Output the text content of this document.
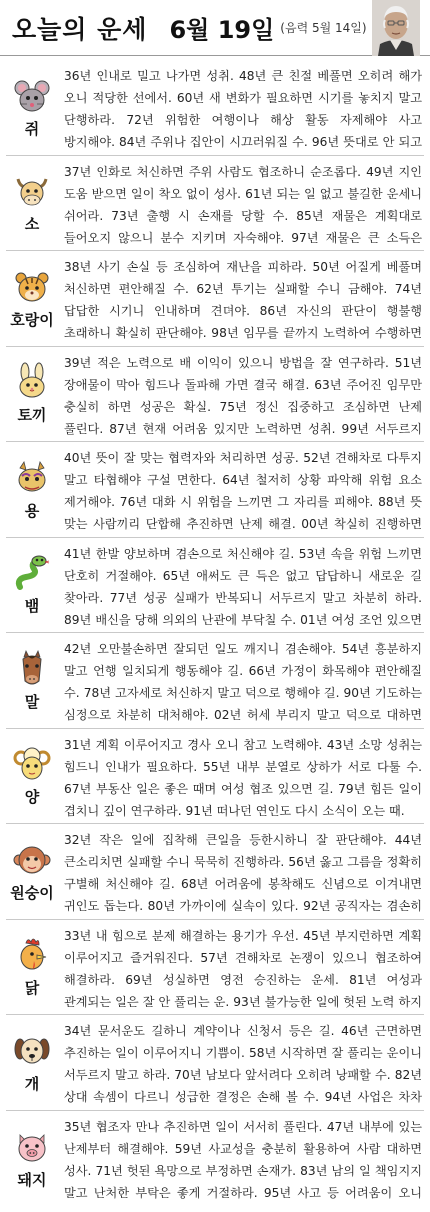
오늘의 운세 6월 19일 (음력 5월 14일)
쥐
36년 인내로 밀고 나가면 성취. 48년 큰 친절 베풀면 오히려 해가 오니 적당한 선에서. 60년 새 변화가 필요하면 시기를 놓치지 말고 단행하라. 72년 위험한 여행이나 해상 활동 자제해야 사고 방지해야. 84년 주위나 집안이 시끄러워질 수. 96년 뜻대로 안 되고
소
37년 인화로 처신하면 주위 사람도 협조하니 순조롭다. 49년 지인 도움 받으면 일이 착오 없이 성사. 61년 되는 일 없고 불길한 운세니 쉬어라. 73년 출행 시 손재를 당할 수. 85년 재물은 계획대로 들어오지 않으니 분수 지키며 자숙해야. 97년 재물은 큰 소득은
호랑이
38년 사기 손실 등 조심하여 재난을 피하라. 50년 어질게 베풀며 처신하면 편안해질 수. 62년 투기는 실패할 수니 금해야. 74년 답답한 시기니 인내하며 견뎌야. 86년 자신의 판단이 행불행 초래하니 확실히 판단해야. 98년 임무를 끝까지 노력하여 수행하면
토끼
39년 적은 노력으로 배 이익이 있으니 방법을 잘 연구하라. 51년 장애물이 막아 힘드나 돌파해 가면 결국 해결. 63년 주어진 임무만 충실히 하면 성공은 확실. 75년 정신 집중하고 조심하면 난제 풀린다. 87년 현재 어려움 있지만 노력하면 성취. 99년 서두르지
용
40년 뜻이 잘 맞는 협력자와 처리하면 성공. 52년 견해차로 다투지 말고 타협해야 구설 면한다. 64년 철저히 상황 파악해 위험 요소 제거해야. 76년 대화 시 위험을 느끼면 그 자리를 피해야. 88년 뜻 맞는 사람끼리 단합해 추진하면 난제 해결. 00년 착실히 진행하면
뱀
41년 한발 양보하며 겸손으로 처신해야 길. 53년 속을 위험 느끼면 단호히 거절해야. 65년 애써도 큰 득은 없고 답답하니 새로운 길 찾아라. 77년 성공 실패가 반복되니 서두르지 말고 차분히 하라. 89년 배신을 당해 의외의 난관에 부닥칠 수. 01년 여성 조언 있으면
말
42년 오만불손하면 잘되던 일도 깨지니 겸손해야. 54년 흥분하지 말고 언행 일치되게 행동해야 길. 66년 가정이 화목해야 편안해질 수. 78년 고자세로 처신하지 말고 덕으로 행해야 길. 90년 기도하는 심정으로 차분히 대처해야. 02년 허세 부리지 말고 덕으로 대하면
양
31년 계획 이루어지고 경사 오니 참고 노력해야. 43년 소망 성취는 힘드니 인내가 필요하다. 55년 내부 분열로 상하가 서로 다툴 수. 67년 부동산 일은 좋은 때며 여성 협조 있으면 길. 79년 힘든 일이 겹치니 깊이 연구하라. 91년 떠나던 연인도 다시 소식이 오는 때.
원숭이
32년 작은 일에 집착해 큰일을 등한시하니 잘 판단해야. 44년 큰소리치면 실패할 수니 묵묵히 진행하라. 56년 옳고 그름을 정확히 구별해 처신해야 길. 68년 어려움에 봉착해도 신념으로 이겨내면 귀인도 돕는다. 80년 가까이에 실속이 있다. 92년 공직자는 겸손히
닭
33년 내 힘으로 분제 해결하는 용기가 우선. 45년 부지런하면 계획 이루어지고 즐거워진다. 57년 견해차로 논쟁이 있으니 협조하여 해결하라. 69년 성실하면 영전 승진하는 운세. 81년 여성과 관계되는 일은 잘 안 풀리는 운. 93년 불가능한 일에 헛된 노력 하지
개
34년 문서운도 길하니 계약이나 신청서 등은 길. 46년 근면하면 추진하는 일이 이루어지니 기쁨이. 58년 시작하면 잘 풀리는 운이니 서두르지 말고 하라. 70년 남보다 앞서려다 오히려 낭패할 수. 82년 상대 속셈이 다르니 성급한 결정은 손해 볼 수. 94년 사업은 차차
돼지
35년 협조자 만나 추진하면 일이 서서히 풀린다. 47년 내부에 있는 난제부터 해결해야. 59년 사교성을 충분히 활용하여 사람 대하면 성사. 71년 헛된 욕망으로 부정하면 손재가. 83년 남의 일 책임지지 말고 난처한 부탁은 좋게 거절하라. 95년 사고 등 어려움이 오니
